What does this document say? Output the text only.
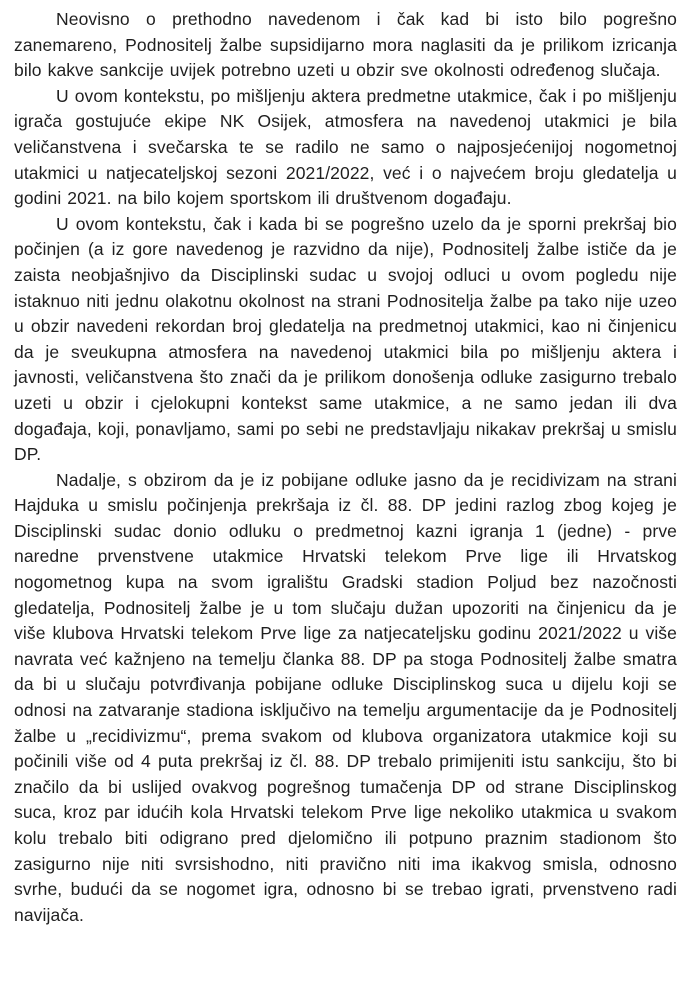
Neovisno o prethodno navedenom i čak kad bi isto bilo pogrešno zanemareno, Podnositelj žalbe supsidijarno mora naglasiti da je prilikom izricanja bilo kakve sankcije uvijek potrebno uzeti u obzir sve okolnosti određenog slučaja.

U ovom kontekstu, po mišljenju aktera predmetne utakmice, čak i po mišljenju igrača gostujuće ekipe NK Osijek, atmosfera na navedenoj utakmici je bila veličanstvena i svečarska te se radilo ne samo o najposjećenijoj nogometnoj utakmici u natjecateljskoj sezoni 2021/2022, već i o najvećem broju gledatelja u godini 2021. na bilo kojem sportskom ili društvenom događaju.

U ovom kontekstu, čak i kada bi se pogrešno uzelo da je sporni prekršaj bio počinjen (a iz gore navedenog je razvidno da nije), Podnositelj žalbe ističe da je zaista neobjašnjivo da Disciplinski sudac u svojoj odluci u ovom pogledu nije istaknuo niti jednu olakotnu okolnost na strani Podnositelja žalbe pa tako nije uzeo u obzir navedeni rekordan broj gledatelja na predmetnoj utakmici, kao ni činjenicu da je sveukupna atmosfera na navedenoj utakmici bila po mišljenju aktera i javnosti, veličanstvena što znači da je prilikom donošenja odluke zasigurno trebalo uzeti u obzir i cjelokupni kontekst same utakmice, a ne samo jedan ili dva događaja, koji, ponavljamo, sami po sebi ne predstavljaju nikakav prekršaj u smislu DP.

Nadalje, s obzirom da je iz pobijane odluke jasno da je recidivizam na strani Hajduka u smislu počinjenja prekršaja iz čl. 88. DP jedini razlog zbog kojeg je Disciplinski sudac donio odluku o predmetnoj kazni igranja 1 (jedne) - prve naredne prvenstvene utakmice Hrvatski telekom Prve lige ili Hrvatskog nogometnog kupa na svom igralištu Gradski stadion Poljud bez nazočnosti gledatelja, Podnositelj žalbe je u tom slučaju dužan upozoriti na činjenicu da je više klubova Hrvatski telekom Prve lige za natjecateljsku godinu 2021/2022 u više navrata već kažnjeno na temelju članka 88. DP pa stoga Podnositelj žalbe smatra da bi u slučaju potvrđivanja pobijane odluke Disciplinskog suca u dijelu koji se odnosi na zatvaranje stadiona isključivo na temelju argumentacije da je Podnositelj žalbe u „recidivizmu“, prema svakom od klubova organizatora utakmice koji su počinili više od 4 puta prekršaj iz čl. 88. DP trebalo primijeniti istu sankciju, što bi značilo da bi uslijed ovakvog pogrešnog tumačenja DP od strane Disciplinskog suca, kroz par idućih kola Hrvatski telekom Prve lige nekoliko utakmica u svakom kolu trebalo biti odigrano pred djelomično ili potpuno praznim stadionom što zasigurno nije niti svrsishodno, niti pravično niti ima ikakvog smisla, odnosno svrhe, budući da se nogomet igra, odnosno bi se trebao igrati, prvenstveno radi navijača.
